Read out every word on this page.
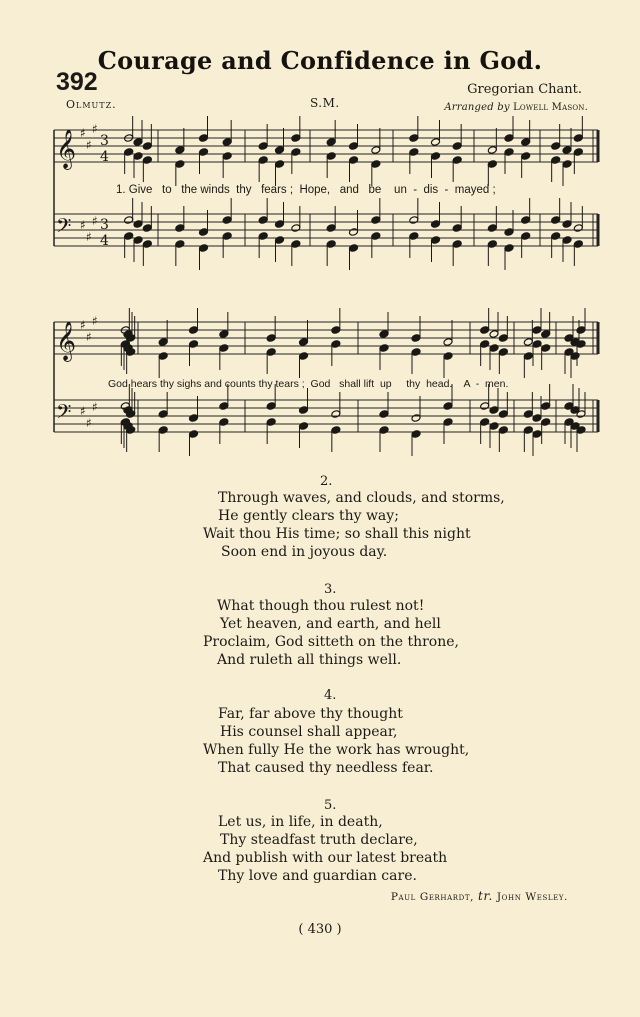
Courage and Confidence in God.
392	Gregorian Chant.
Arranged by Lowell Mason.
Olmutz.	S.M.
𝄞
𝄢
♯
♯
♯
♯
♯
♯
3
4
3
4
𝄞
𝄢
♯
♯
♯
♯
♯
♯
1. Give   to   the winds  thy   fears ;  Hope,   and   be    un  -  dis  -  mayed ;
God hears thy sighs and counts thy tears ;  God   shall lift  up     thy  head.    A  -  men.
2.
Through waves, and clouds, and storms,
He gently clears thy way;
Wait thou His time; so shall this night
Soon end in joyous day.
3.
What though thou rulest not!
Yet heaven, and earth, and hell
Proclaim, God sitteth on the throne,
And ruleth all things well.
4.
Far, far above thy thought
His counsel shall appear,
When fully He the work has wrought,
That caused thy needless fear.
5.
Let us, in life, in death,
Thy steadfast truth declare,
And publish with our latest breath
Thy love and guardian care.
Paul Gerhardt, tr. John Wesley.
( 430 )
